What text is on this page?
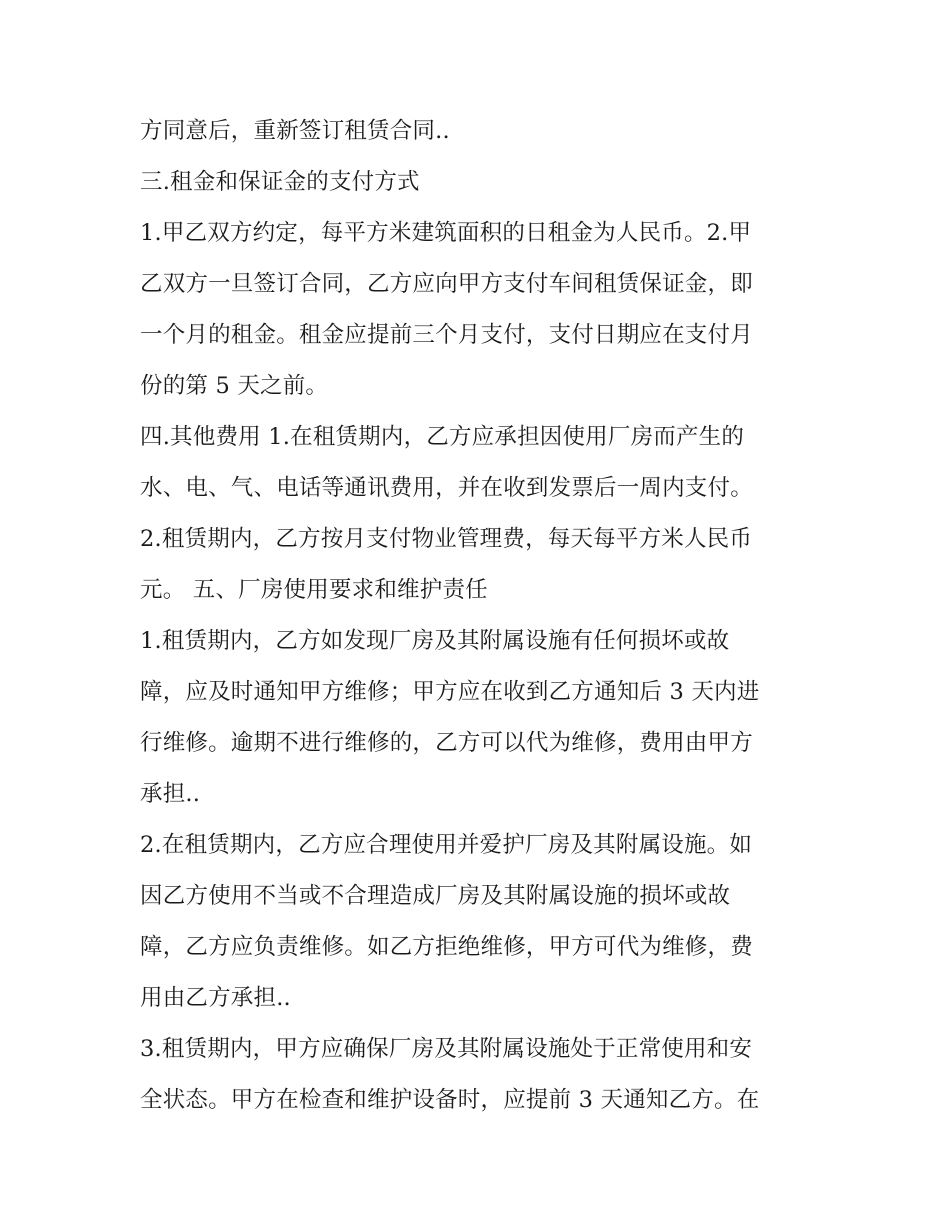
方同意后，重新签订租赁合同..
三.租金和保证金的支付方式
1.甲乙双方约定，每平方米建筑面积的日租金为人民币。2.甲
乙双方一旦签订合同，乙方应向甲方支付车间租赁保证金，即
一个月的租金。租金应提前三个月支付，支付日期应在支付月
份的第 5 天之前。
四.其他费用 1.在租赁期内，乙方应承担因使用厂房而产生的
水、电、气、电话等通讯费用，并在收到发票后一周内支付。
2.租赁期内，乙方按月支付物业管理费，每天每平方米人民币
元。 五、厂房使用要求和维护责任
1.租赁期内，乙方如发现厂房及其附属设施有任何损坏或故
障，应及时通知甲方维修；甲方应在收到乙方通知后 3 天内进
行维修。逾期不进行维修的，乙方可以代为维修，费用由甲方
承担..
2.在租赁期内，乙方应合理使用并爱护厂房及其附属设施。如
因乙方使用不当或不合理造成厂房及其附属设施的损坏或故
障，乙方应负责维修。如乙方拒绝维修，甲方可代为维修，费
用由乙方承担..
3.租赁期内，甲方应确保厂房及其附属设施处于正常使用和安
全状态。甲方在检查和维护设备时，应提前 3 天通知乙方。在
